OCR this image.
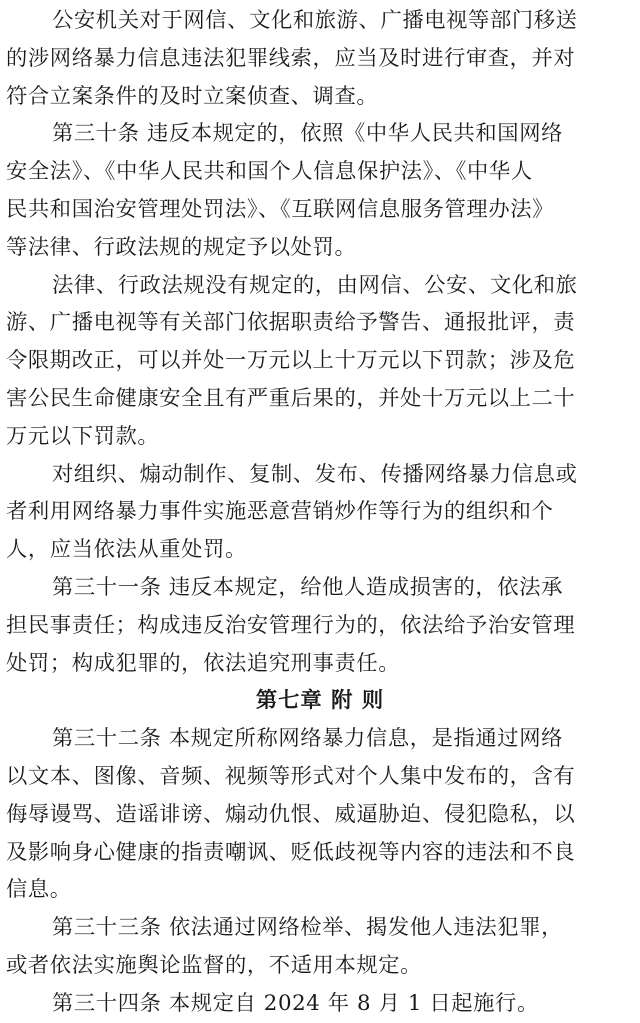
公安机关对于网信、文化和旅游、广播电视等部门移送
的涉网络暴力信息违法犯罪线索，应当及时进行审查，并对
符合立案条件的及时立案侦查、调查。
第三十条 违反本规定的，依照《中华人民共和国网络
安全法》、《中华人民共和国个人信息保护法》、《中华人
民共和国治安管理处罚法》、《互联网信息服务管理办法》
等法律、行政法规的规定予以处罚。
法律、行政法规没有规定的，由网信、公安、文化和旅
游、广播电视等有关部门依据职责给予警告、通报批评，责
令限期改正，可以并处一万元以上十万元以下罚款；涉及危
害公民生命健康安全且有严重后果的，并处十万元以上二十
万元以下罚款。
对组织、煽动制作、复制、发布、传播网络暴力信息或
者利用网络暴力事件实施恶意营销炒作等行为的组织和个
人，应当依法从重处罚。
第三十一条 违反本规定，给他人造成损害的，依法承
担民事责任；构成违反治安管理行为的，依法给予治安管理
处罚；构成犯罪的，依法追究刑事责任。
第七章 附 则
第三十二条 本规定所称网络暴力信息，是指通过网络
以文本、图像、音频、视频等形式对个人集中发布的，含有
侮辱谩骂、造谣诽谤、煽动仇恨、威逼胁迫、侵犯隐私，以
及影响身心健康的指责嘲讽、贬低歧视等内容的违法和不良
信息。
第三十三条 依法通过网络检举、揭发他人违法犯罪，
或者依法实施舆论监督的，不适用本规定。
第三十四条 本规定自 2024 年 8 月 1 日起施行。
